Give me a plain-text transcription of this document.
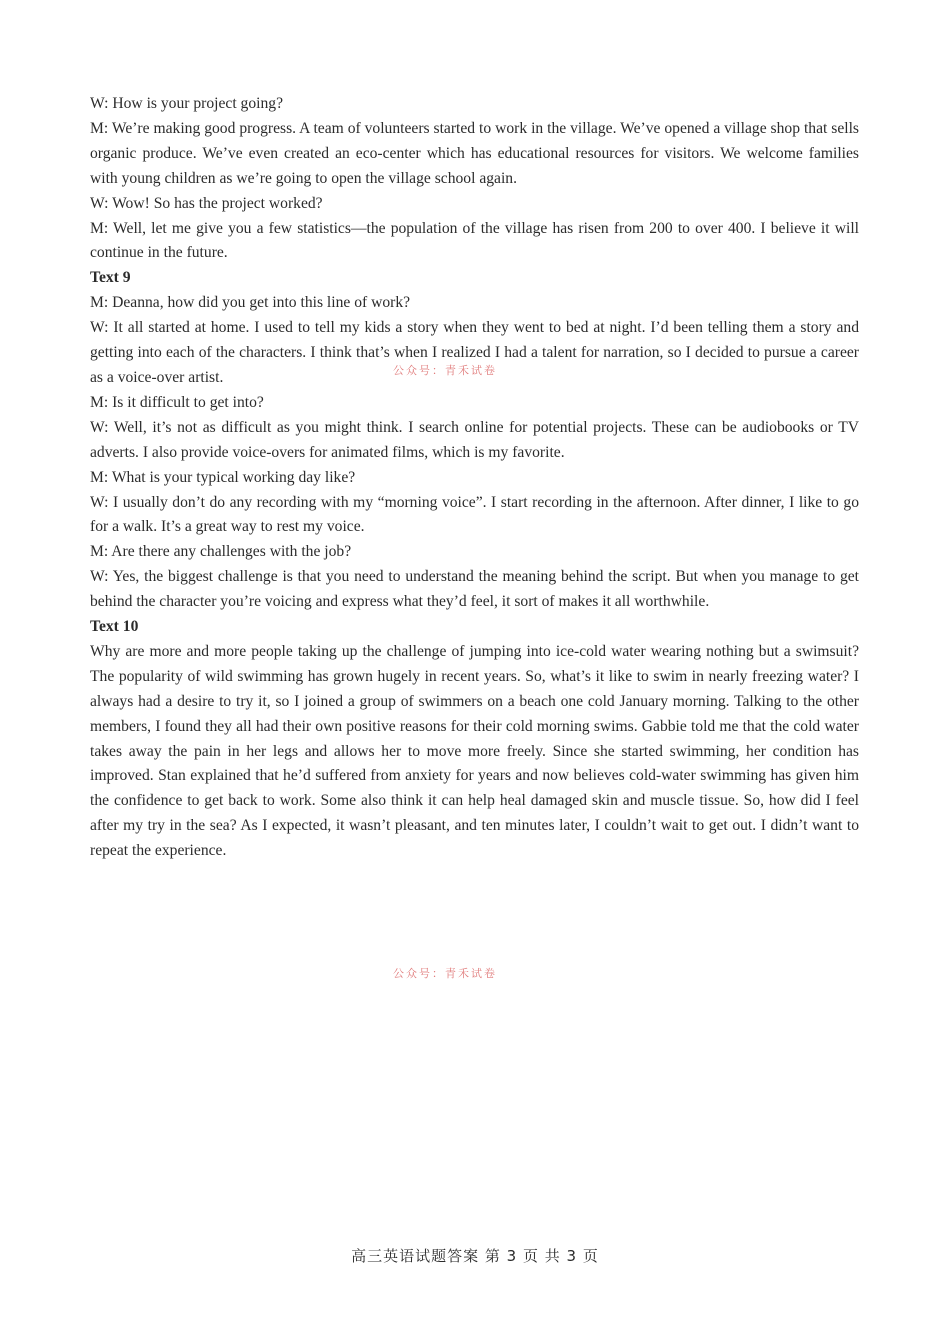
W: How is your project going?

M: We’re making good progress. A team of volunteers started to work in the village. We’ve opened a village shop that sells organic produce. We’ve even created an eco-center which has educational resources for visitors. We welcome families with young children as we’re going to open the village school again.

W: Wow! So has the project worked?

M: Well, let me give you a few statistics—the population of the village has risen from 200 to over 400. I believe it will continue in the future.

Text 9

M: Deanna, how did you get into this line of work?

W: It all started at home. I used to tell my kids a story when they went to bed at night. I’d been telling them a story and getting into each of the characters. I think that’s when I realized I had a talent for narration, so I decided to pursue a career as a voice-over artist.

M: Is it difficult to get into?

W: Well, it’s not as difficult as you might think. I search online for potential projects. These can be audiobooks or TV adverts. I also provide voice-overs for animated films, which is my favorite.

M: What is your typical working day like?

W: I usually don’t do any recording with my “morning voice”. I start recording in the afternoon. After dinner, I like to go for a walk. It’s a great way to rest my voice.

M: Are there any challenges with the job?

W: Yes, the biggest challenge is that you need to understand the meaning behind the script. But when you manage to get behind the character you’re voicing and express what they’d feel, it sort of makes it all worthwhile.

Text 10

Why are more and more people taking up the challenge of jumping into ice-cold water wearing nothing but a swimsuit? The popularity of wild swimming has grown hugely in recent years. So, what’s it like to swim in nearly freezing water? I always had a desire to try it, so I joined a group of swimmers on a beach one cold January morning. Talking to the other members, I found they all had their own positive reasons for their cold morning swims. Gabbie told me that the cold water takes away the pain in her legs and allows her to move more freely. Since she started swimming, her condition has improved. Stan explained that he’d suffered from anxiety for years and now believes cold-water swimming has given him the confidence to get back to work. Some also think it can help heal damaged skin and muscle tissue. So, how did I feel after my try in the sea? As I expected, it wasn’t pleasant, and ten minutes later, I couldn’t wait to get out. I didn’t want to repeat the experience.

公众号：青禾试卷
公众号：青禾试卷
高三英语试题答案 第 3 页 共 3 页
